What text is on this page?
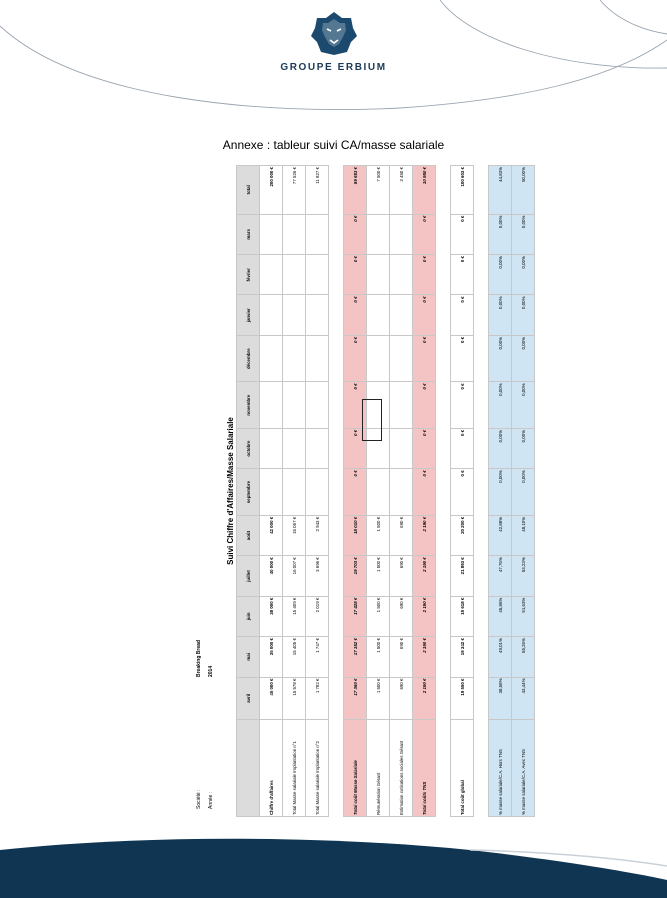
GROUPE ERBIUM
Annexe : tableur suivi CA/masse salariale
Société :
Breaking Bread
Année :
2014
Suivi Chiffre d'Affaires/Masse Salariale
	avril	mai	juin	juillet	août	septembre	octobre	novembre	décembre	janvier	février	mars	total
Chiffre d'affaires	45 000 €	35 000 €	38 000 €	40 000 €	42 000 €								200 000 €
Total Masse salariale Implantation n°1	15 578 €	15 405 €	15 409 €	16 007 €	15 067 €								77 526 €
Total Masse salariale Implantation n°2	1 782 €	1 747 €	2 019 €	3 696 €	2 943 €								11 827 €

Total coût Masse Salariale	17 360 €	17 152 €	17 428 €	19 703 €	18 010 €	0 €	0 €	0 €	0 €	0 €	0 €	0 €	89 653 €
Rémunération Gérant	1 500 €	1 500 €	1 500 €	1 500 €	1 500 €								7 500 €
Estimation cotisations sociales Gérant	690 €	690 €	690 €	690 €	690 €								3 450 €
Total coûts TNS	2 190 €	2 190 €	2 190 €	2 190 €	2 190 €	0 €	0 €	0 €	0 €	0 €	0 €	0 €	10 950 €

Total coût global	19 550 €	19 342 €	19 618 €	21 893 €	20 200 €	0 €	0 €	0 €	0 €	0 €	0 €	0 €	100 603 €

% masse salariale/C.A. Hors TNS	38,58%	49,01%	45,86%	47,76%	42,88%	0,00%	0,00%	0,00%	0,00%	0,00%	0,00%	0,00%	44,83%
% masse salariale/C.A. Avec TNS	43,44%	55,26%	51,63%	53,23%	48,10%	0,00%	0,00%	0,00%	0,00%	0,00%	0,00%	0,00%	50,00%
